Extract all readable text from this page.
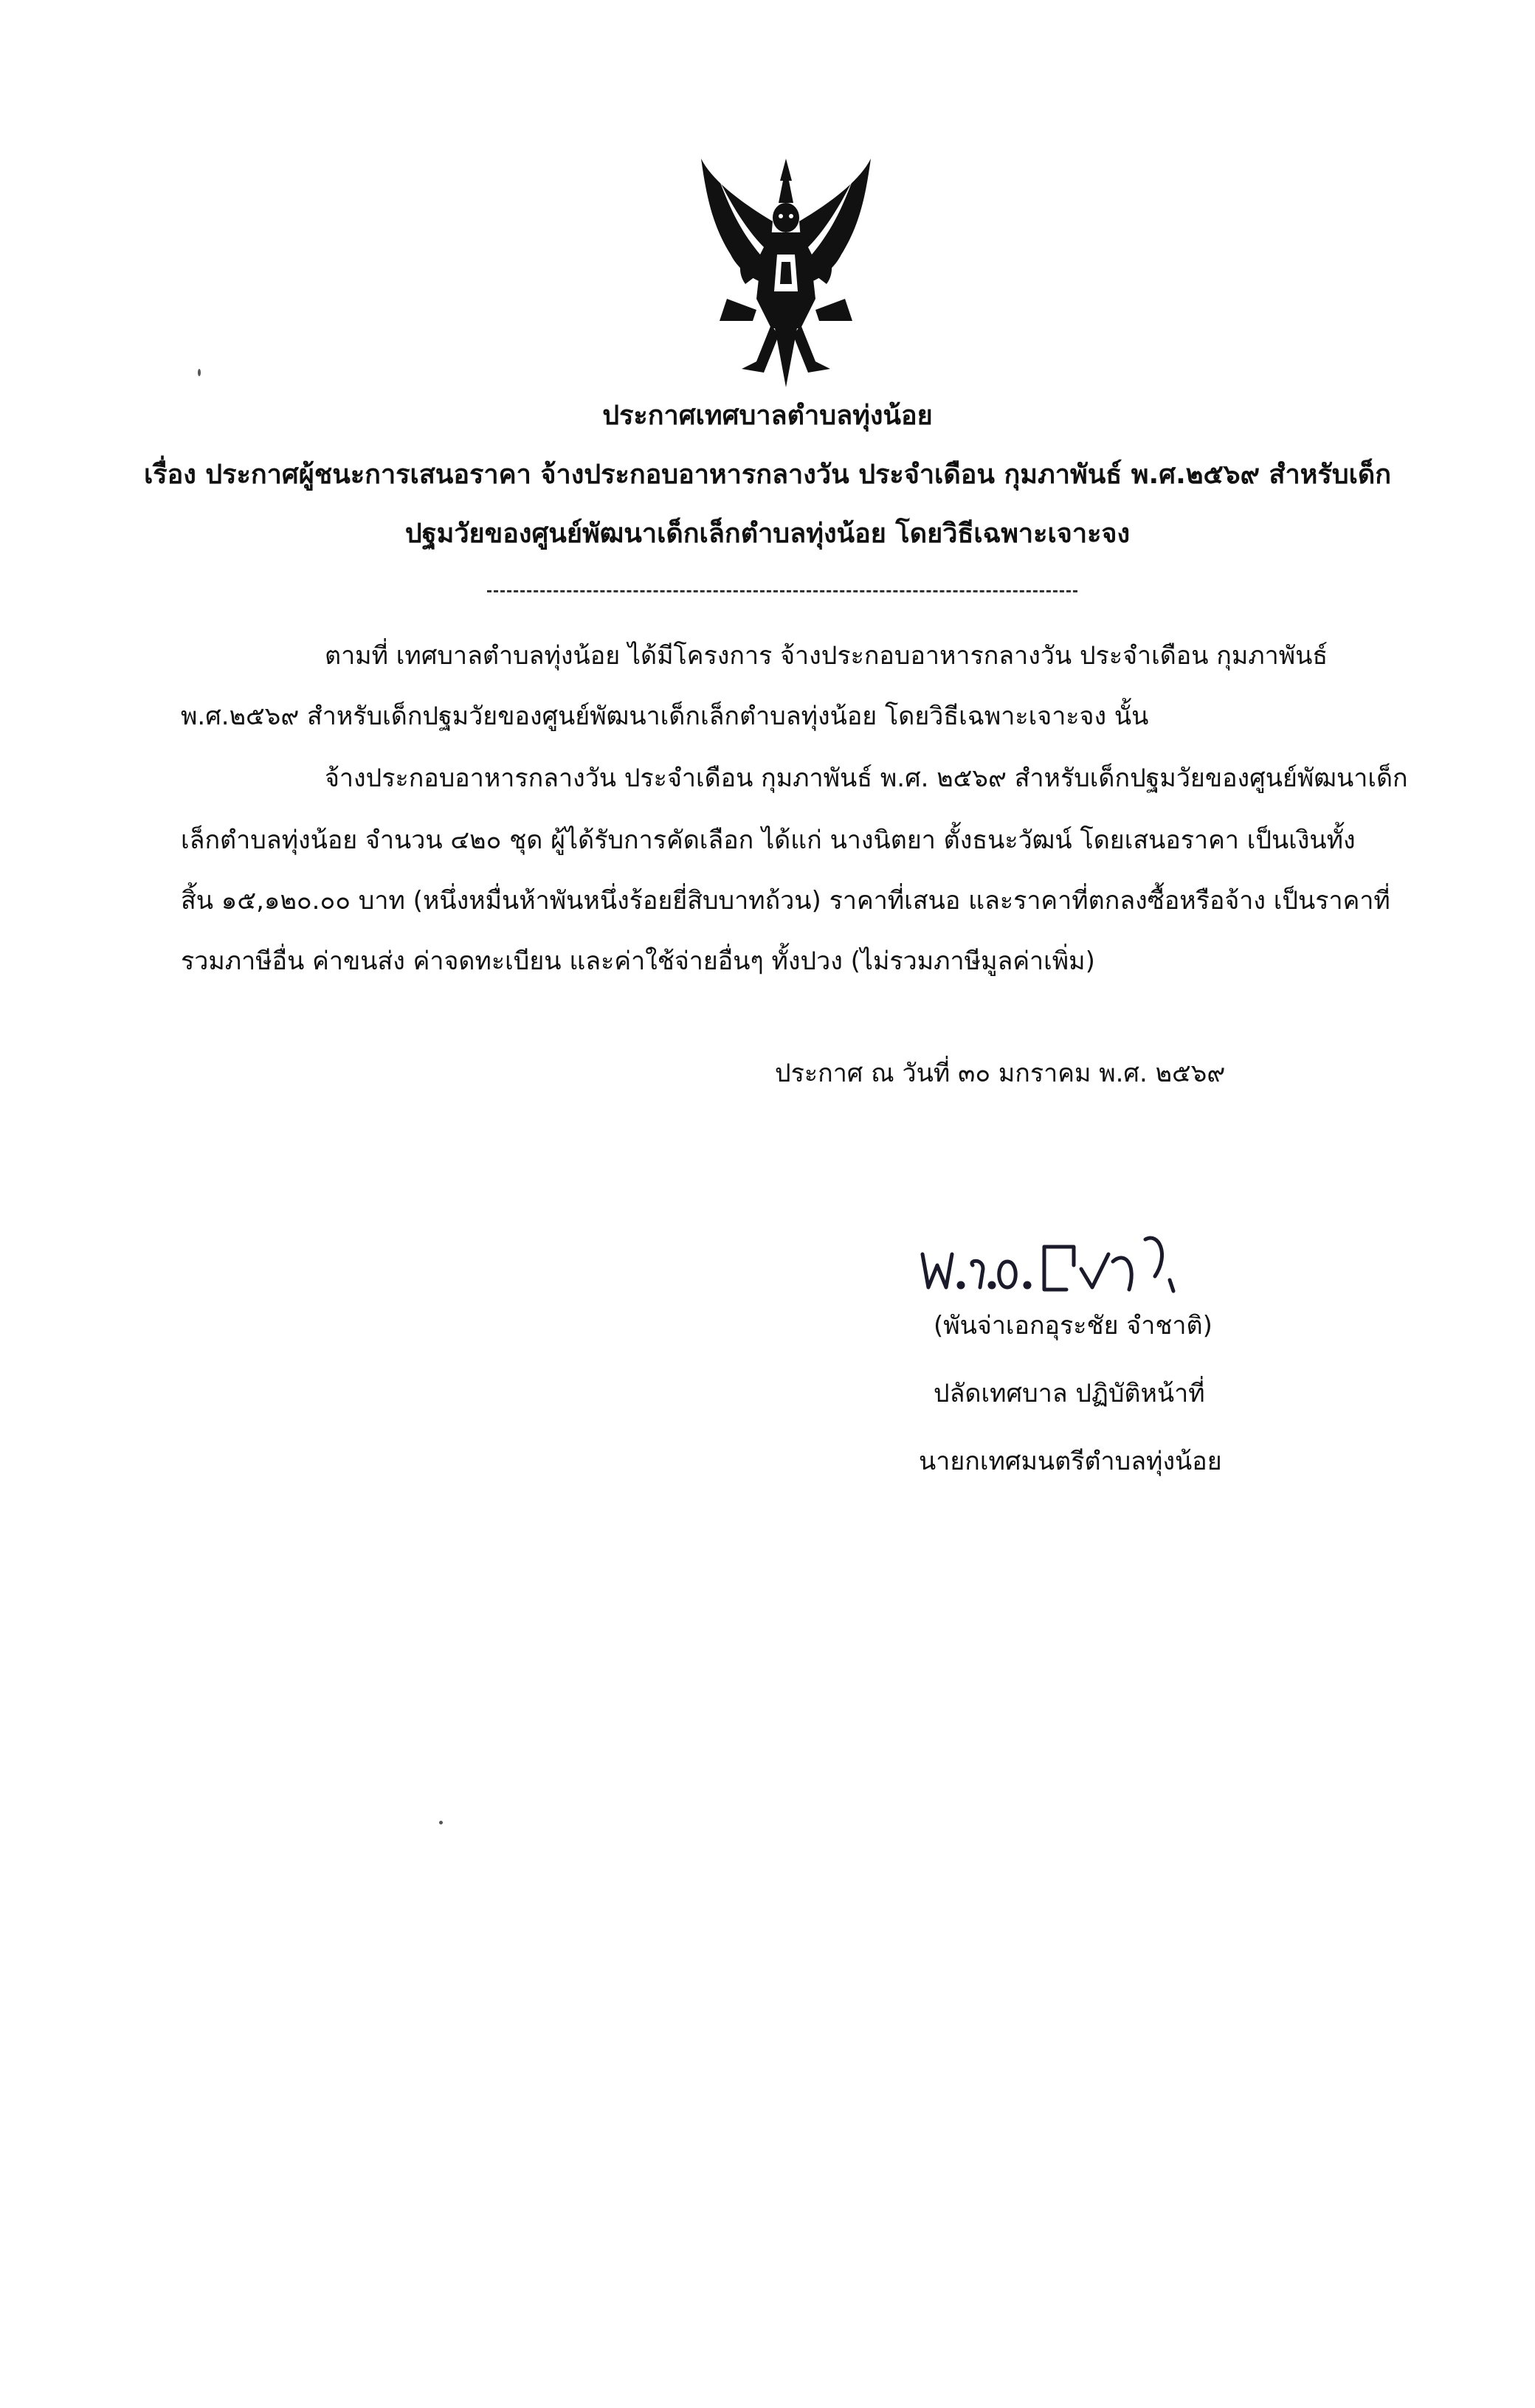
ประกาศเทศบาลตำบลทุ่งน้อย
เรื่อง ประกาศผู้ชนะการเสนอราคา จ้างประกอบอาหารกลางวัน ประจำเดือน กุมภาพันธ์ พ.ศ.๒๕๖๙ สำหรับเด็ก
ปฐมวัยของศูนย์พัฒนาเด็กเล็กตำบลทุ่งน้อย โดยวิธีเฉพาะเจาะจง
ตามที่ เทศบาลตำบลทุ่งน้อย ได้มีโครงการ จ้างประกอบอาหารกลางวัน ประจำเดือน กุมภาพันธ์
พ.ศ.๒๕๖๙ สำหรับเด็กปฐมวัยของศูนย์พัฒนาเด็กเล็กตำบลทุ่งน้อย โดยวิธีเฉพาะเจาะจง นั้น
จ้างประกอบอาหารกลางวัน ประจำเดือน กุมภาพันธ์ พ.ศ. ๒๕๖๙ สำหรับเด็กปฐมวัยของศูนย์พัฒนาเด็ก
เล็กตำบลทุ่งน้อย จำนวน ๔๒๐ ชุด ผู้ได้รับการคัดเลือก ได้แก่ นางนิตยา ตั้งธนะวัฒน์ โดยเสนอราคา เป็นเงินทั้ง
สิ้น ๑๕,๑๒๐.๐๐ บาท (หนึ่งหมื่นห้าพันหนึ่งร้อยยี่สิบบาทถ้วน) ราคาที่เสนอ และราคาที่ตกลงซื้อหรือจ้าง เป็นราคาที่
รวมภาษีอื่น ค่าขนส่ง ค่าจดทะเบียน และค่าใช้จ่ายอื่นๆ ทั้งปวง (ไม่รวมภาษีมูลค่าเพิ่ม)
ประกาศ ณ วันที่ ๓๐ มกราคม พ.ศ. ๒๕๖๙
(พันจ่าเอกอุระชัย จำชาติ)
ปลัดเทศบาล ปฏิบัติหน้าที่
นายกเทศมนตรีตำบลทุ่งน้อย
